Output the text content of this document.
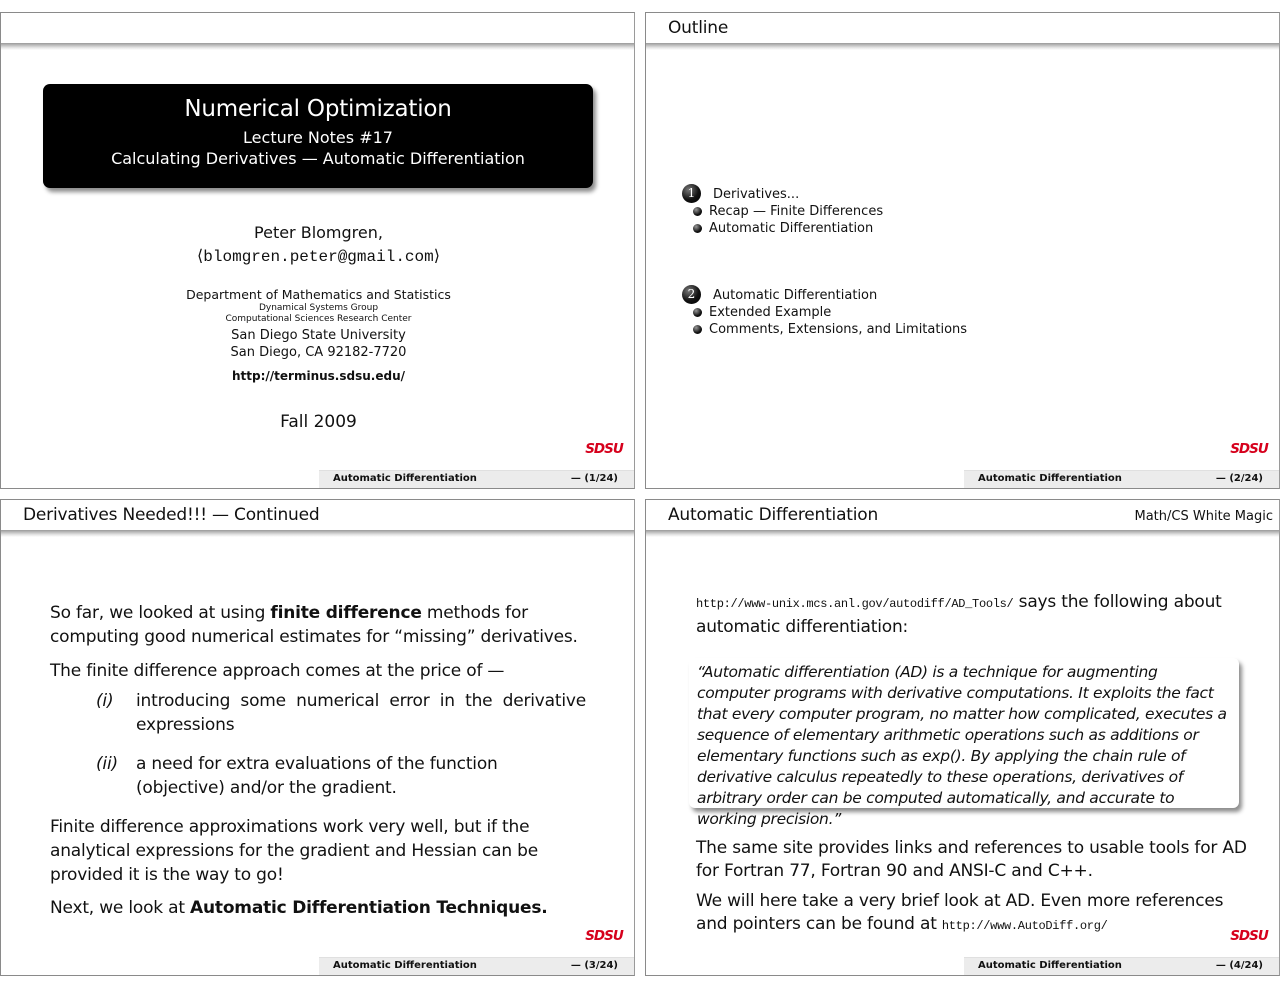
Numerical Optimization
Lecture Notes #17
Calculating Derivatives — Automatic Differentiation
Peter Blomgren,
⟨blomgren.peter@gmail.com⟩
Department of Mathematics and Statistics
Dynamical Systems Group
Computational Sciences Research Center
San Diego State University
San Diego, CA 92182-7720
http://terminus.sdsu.edu/
Fall 2009
SDSU
Automatic Differentiation	— (1/24)
Outline
1	Derivatives...
Recap — Finite Differences
Automatic Differentiation
2	Automatic Differentiation
Extended Example
Comments, Extensions, and Limitations
SDSU
Automatic Differentiation	— (2/24)
Derivatives Needed!!! — Continued
So far, we looked at using finite difference methods for computing good numerical estimates for “missing” derivatives.
The finite difference approach comes at the price of —
(i) introducing some numerical error in the derivative expressions
(ii) a need for extra evaluations of the function (objective) and/or the gradient.
Finite difference approximations work very well, but if the analytical expressions for the gradient and Hessian can be provided it is the way to go!
Next, we look at Automatic Differentiation Techniques.
SDSU
Automatic Differentiation	— (3/24)
Automatic Differentiation	Math/CS White Magic
http://www-unix.mcs.anl.gov/autodiff/AD_Tools/ says the following about automatic differentiation:
“Automatic differentiation (AD) is a technique for augmenting computer programs with derivative computations. It exploits the fact that every computer program, no matter how complicated, executes a sequence of elementary arithmetic operations such as additions or elementary functions such as exp(). By applying the chain rule of derivative calculus repeatedly to these operations, derivatives of arbitrary order can be computed automatically, and accurate to working precision.”
The same site provides links and references to usable tools for AD for Fortran 77, Fortran 90 and ANSI-C and C++.
We will here take a very brief look at AD. Even more references and pointers can be found at http://www.AutoDiff.org/
SDSU
Automatic Differentiation	— (4/24)
